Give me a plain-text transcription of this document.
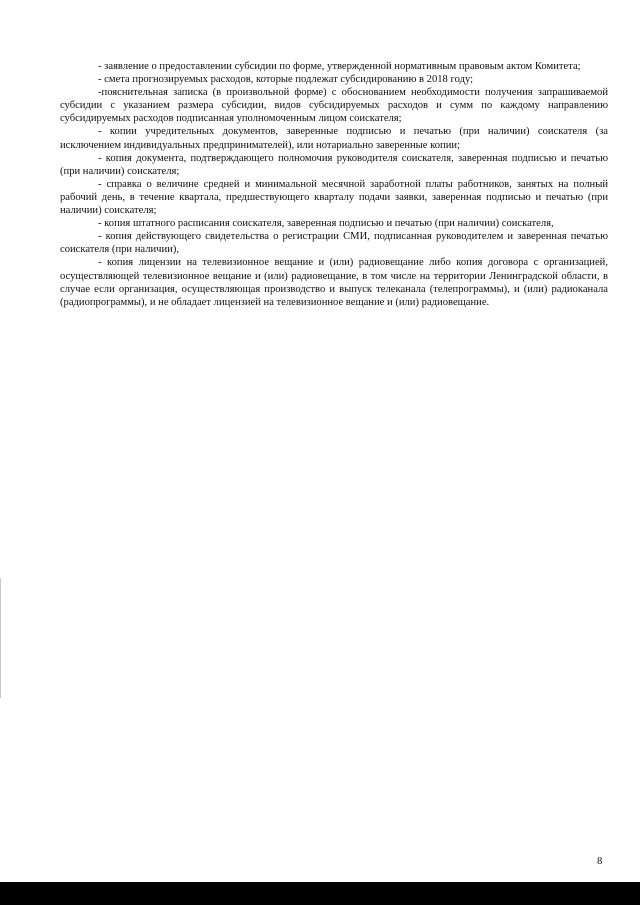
- заявление о предоставлении субсидии по форме, утвержденной нормативным правовым актом Комитета;

- смета прогнозируемых расходов, которые подлежат субсидированию в 2018 году;

-пояснительная записка (в произвольной форме) с обоснованием необходимости получения запрашиваемой субсидии с указанием размера субсидии, видов субсидируемых расходов и сумм по каждому направлению субсидируемых расходов подписанная уполномоченным лицом соискателя;

- копии учредительных документов, заверенные подписью и печатью (при наличии) соискателя (за исключением индивидуальных предпринимателей), или нотариально заверенные копии;

- копия документа, подтверждающего полномочия руководителя соискателя, заверенная подписью и печатью (при наличии) соискателя;

- справка о величине средней и минимальной месячной заработной платы работников, занятых на полный рабочий день, в течение квартала, предшествующего кварталу подачи заявки, заверенная подписью и печатью (при наличии) соискателя;

- копия штатного расписания соискателя, заверенная подписью и печатью (при наличии) соискателя,

- копия действующего свидетельства о регистрации СМИ, подписанная руководителем и заверенная печатью соискателя (при наличии),

- копия лицензии на телевизионное вещание и (или) радиовещание либо копия договора с организацией, осуществляющей телевизионное вещание и (или) радиовещание, в том числе на территории Ленинградской области, в случае если организация, осуществляющая производство и выпуск телеканала (телепрограммы), и (или) радиоканала (радиопрограммы), и не обладает лицензией на телевизионное вещание и (или) радиовещание.

8
